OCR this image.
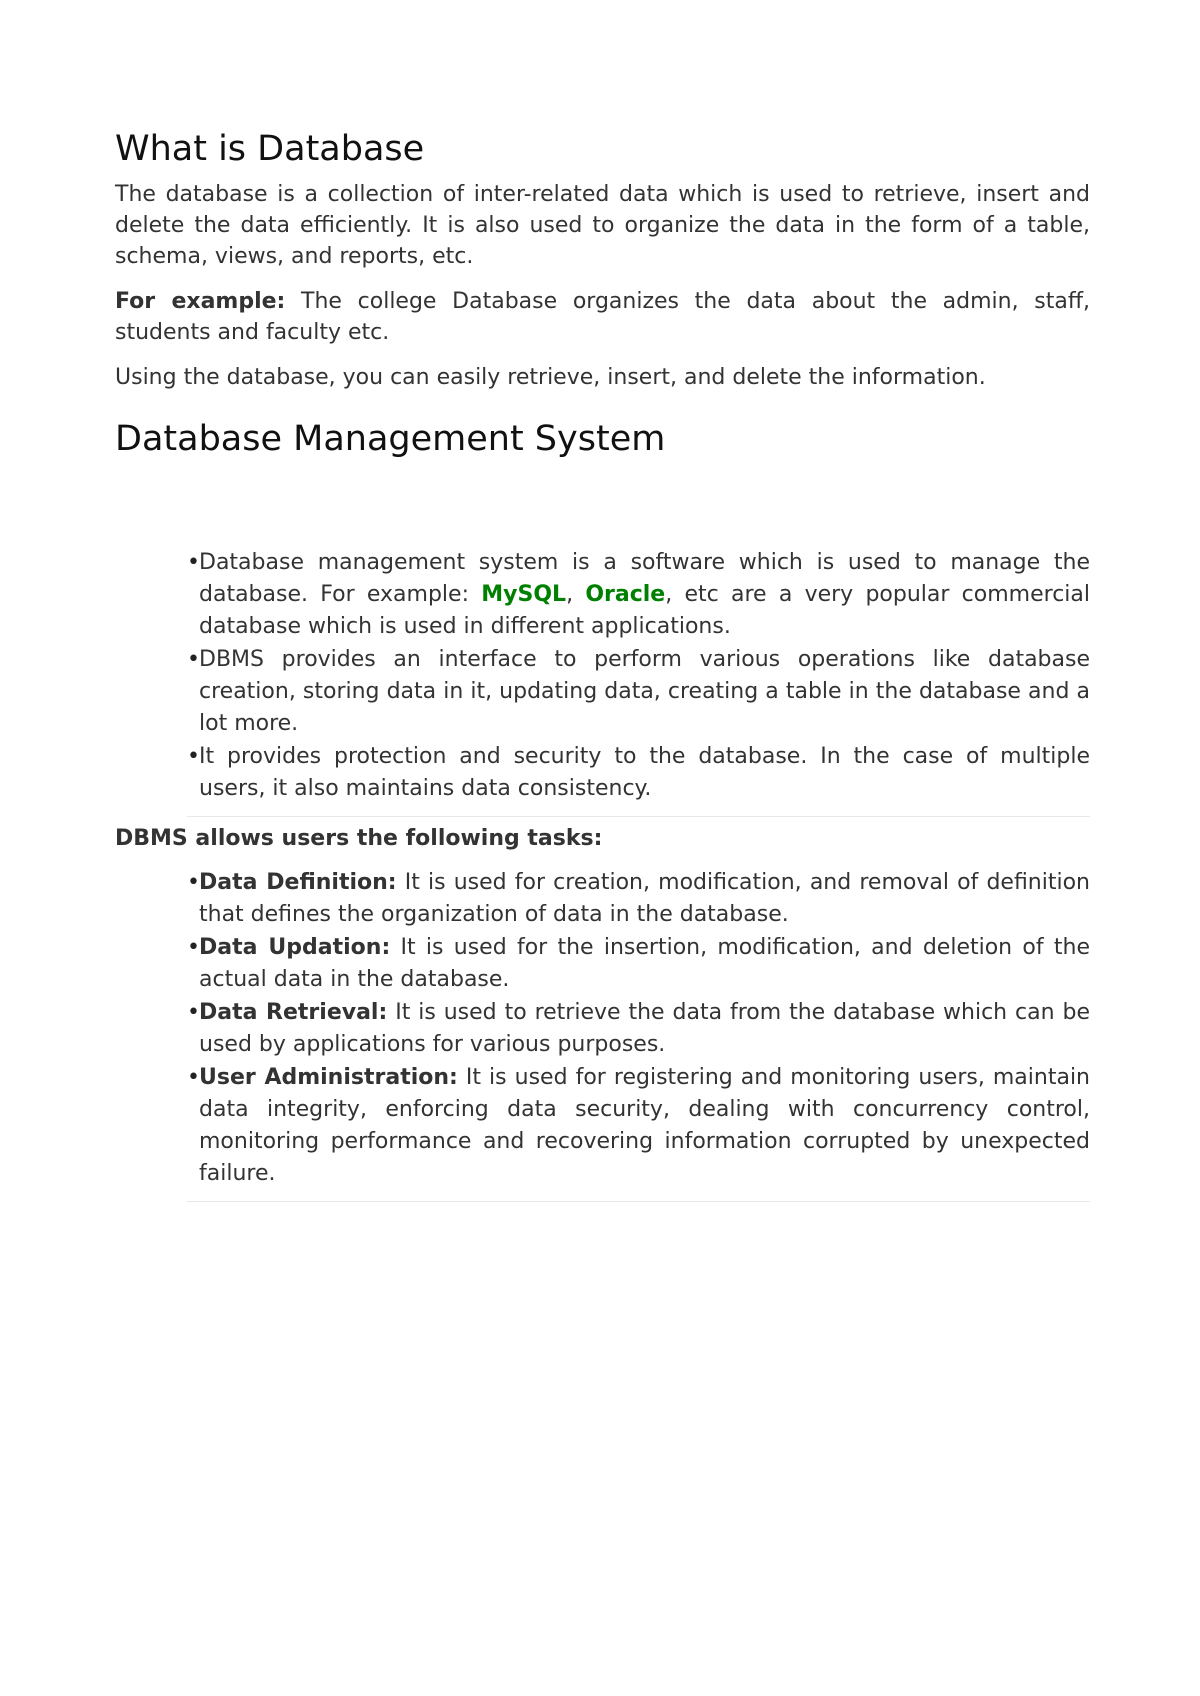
What is Database

The database is a collection of inter-related data which is used to retrieve, insert and delete the data efficiently. It is also used to organize the data in the form of a table, schema, views, and reports, etc.

For example: The college Database organizes the data about the admin, staff, students and faculty etc.

Using the database, you can easily retrieve, insert, and delete the information.

Database Management System
• Database management system is a software which is used to manage the database. For example: MySQL, Oracle, etc are a very popular commercial database which is used in different applications.
• DBMS provides an interface to perform various operations like database creation, storing data in it, updating data, creating a table in the database and a lot more.
• It provides protection and security to the database. In the case of multiple users, it also maintains data consistency.
DBMS allows users the following tasks:
• Data Definition: It is used for creation, modification, and removal of definition that defines the organization of data in the database.
• Data Updation: It is used for the insertion, modification, and deletion of the actual data in the database.
• Data Retrieval: It is used to retrieve the data from the database which can be used by applications for various purposes.
• User Administration: It is used for registering and monitoring users, maintain data integrity, enforcing data security, dealing with concurrency control, monitoring performance and recovering information corrupted by unexpected failure.
